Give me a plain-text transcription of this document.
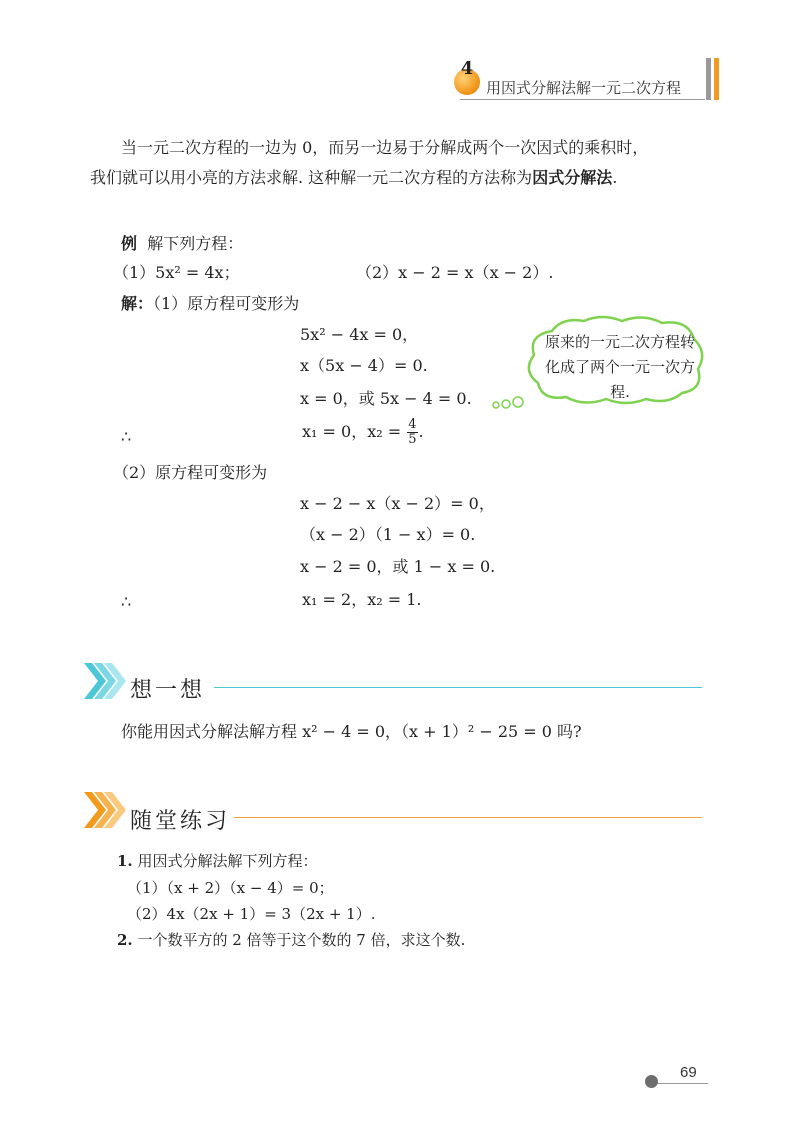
4
用因式分解法解一元二次方程
当一元二次方程的一边为 0，而另一边易于分解成两个一次因式的乘积时，
我们就可以用小亮的方法求解. 这种解一元二次方程的方法称为因式分解法.
例 解下列方程：
（1）5x² = 4x；	（2）x − 2 = x（x − 2）.
解：（1）原方程可变形为
5x² − 4x = 0，
x（5x − 4）= 0.
x = 0，或 5x − 4 = 0.
∴	x₁ = 0，$x_2 = \frac{4}{5}$ .
（2）原方程可变形为
x − 2 − x（x − 2）= 0，
（x − 2）（1 − x）= 0.
x − 2 = 0，或 1 − x = 0.
∴	x₁ = 2，x₂ = 1.
原来的一元二次方程转化成了两个一元一次方程.
想一想
你能用因式分解法解方程 x² − 4 = 0，（x + 1）² − 25 = 0 吗?
随堂练习
1. 用因式分解法解下列方程：
（1）（x + 2）（x − 4）= 0；
（2）4x（2x + 1）= 3（2x + 1）.
2. 一个数平方的 2 倍等于这个数的 7 倍，求这个数.
69
